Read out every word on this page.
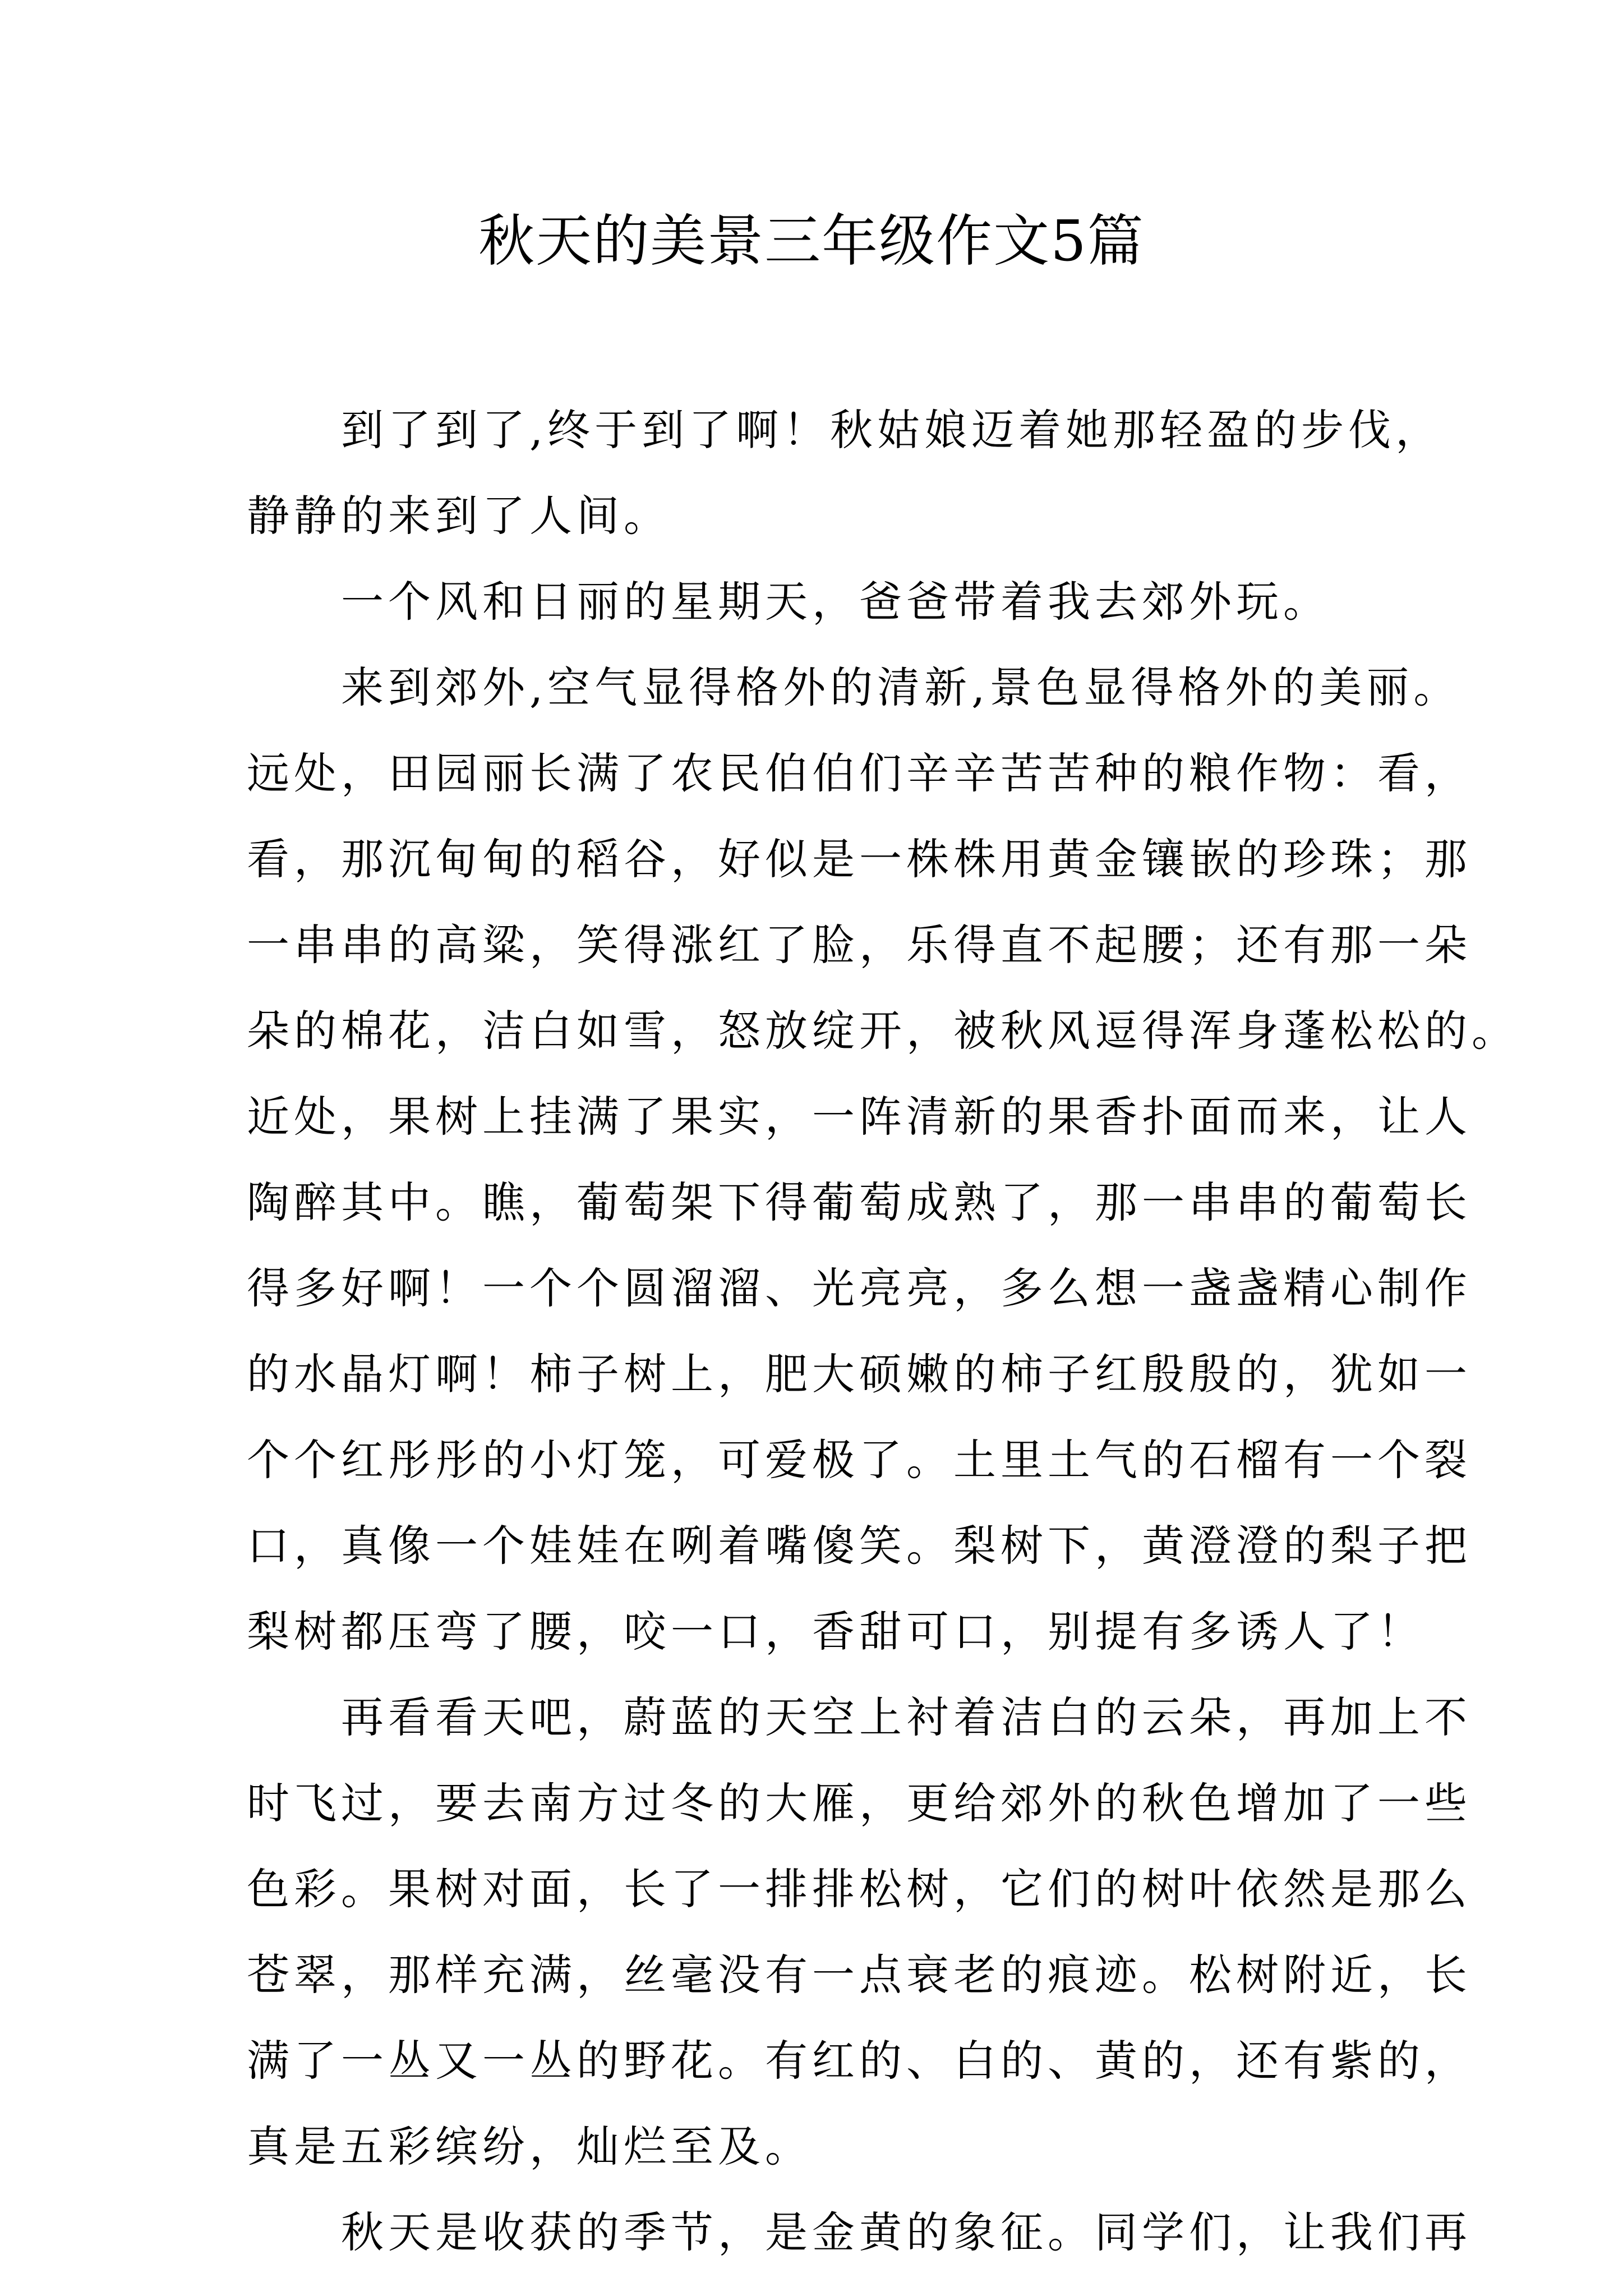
秋天的美景三年级作文5篇
到了到了,终于到了啊！秋姑娘迈着她那轻盈的步伐，
静静的来到了人间。
一个风和日丽的星期天，爸爸带着我去郊外玩。
来到郊外,空气显得格外的清新,景色显得格外的美丽。
远处，田园丽长满了农民伯伯们辛辛苦苦种的粮作物：看，
看，那沉甸甸的稻谷，好似是一株株用黄金镶嵌的珍珠；那
一串串的高粱，笑得涨红了脸，乐得直不起腰；还有那一朵
朵的棉花，洁白如雪，怒放绽开，被秋风逗得浑身蓬松松的。
近处，果树上挂满了果实，一阵清新的果香扑面而来，让人
陶醉其中。瞧，葡萄架下得葡萄成熟了，那一串串的葡萄长
得多好啊！一个个圆溜溜、光亮亮，多么想一盏盏精心制作
的水晶灯啊！柿子树上，肥大硕嫩的柿子红殷殷的，犹如一
个个红彤彤的小灯笼，可爱极了。土里土气的石榴有一个裂
口，真像一个娃娃在咧着嘴傻笑。梨树下，黄澄澄的梨子把
梨树都压弯了腰，咬一口，香甜可口，别提有多诱人了！
再看看天吧，蔚蓝的天空上衬着洁白的云朵，再加上不
时飞过，要去南方过冬的大雁，更给郊外的秋色增加了一些
色彩。果树对面，长了一排排松树，它们的树叶依然是那么
苍翠，那样充满，丝毫没有一点衰老的痕迹。松树附近，长
满了一丛又一丛的野花。有红的、白的、黄的，还有紫的，
真是五彩缤纷，灿烂至及。
秋天是收获的季节，是金黄的象征。同学们，让我们再
